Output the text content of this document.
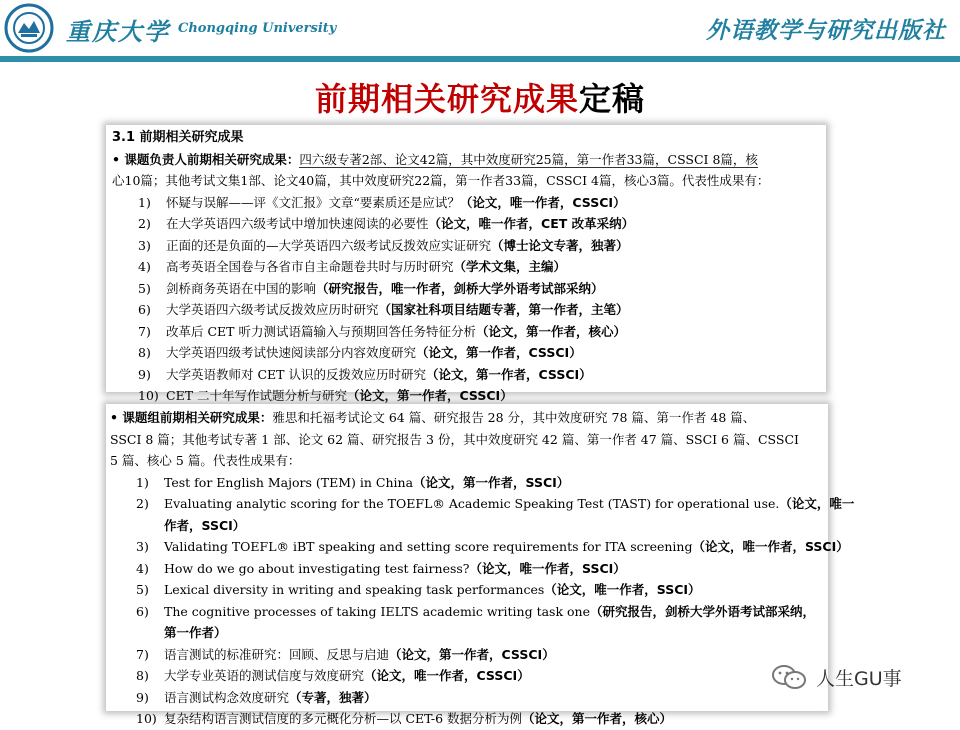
重庆大学 Chongqing University	外语教学与研究出版社
前期相关研究成果定稿
3.1 前期相关研究成果
• 课题负责人前期相关研究成果：四六级专著2部、论文42篇，其中效度研究25篇，第一作者33篇，CSSCI 8篇，核
心10篇；其他考试文集1部、论文40篇，其中效度研究22篇，第一作者33篇，CSSCI 4篇，核心3篇。代表性成果有：
1)	怀疑与误解——评《文汇报》文章“要素质还是应试？（论文，唯一作者，CSSCI）
2)	在大学英语四六级考试中增加快速阅读的必要性（论文，唯一作者，CET 改革采纳）
3)	正面的还是负面的—大学英语四六级考试反拨效应实证研究（博士论文专著，独著）
4)	高考英语全国卷与各省市自主命题卷共时与历时研究（学术文集，主编）
5)	剑桥商务英语在中国的影响（研究报告，唯一作者，剑桥大学外语考试部采纳）
6)	大学英语四六级考试反拨效应历时研究（国家社科项目结题专著，第一作者，主笔）
7)	改革后 CET 听力测试语篇输入与预期回答任务特征分析（论文，第一作者，核心）
8)	大学英语四级考试快速阅读部分内容效度研究（论文，第一作者，CSSCI）
9)	大学英语教师对 CET 认识的反拨效应历时研究（论文，第一作者，CSSCI）
10) CET 二十年写作试题分析与研究（论文，第一作者，CSSCI）
• 课题组前期相关研究成果：雅思和托福考试论文 64 篇、研究报告 28 分，其中效度研究 78 篇、第一作者 48 篇、
SSCI 8 篇；其他考试专著 1 部、论文 62 篇、研究报告 3 份，其中效度研究 42 篇、第一作者 47 篇、SSCI 6 篇、CSSCI
5 篇、核心 5 篇。代表性成果有：
1)	Test for English Majors (TEM) in China（论文，第一作者，SSCI）
2)	Evaluating analytic scoring for the TOEFL® Academic Speaking Test (TAST) for operational use.（论文，唯一
作者，SSCI）
3)	Validating TOEFL® iBT speaking and setting score requirements for ITA screening（论文，唯一作者，SSCI）
4)	How do we go about investigating test fairness?（论文，唯一作者，SSCI）
5)	Lexical diversity in writing and speaking task performances（论文，唯一作者，SSCI）
6)	The cognitive processes of taking IELTS academic writing task one（研究报告，剑桥大学外语考试部采纳，
第一作者）
7)	语言测试的标准研究：回顾、反思与启迪（论文，第一作者，CSSCI）
8)	大学专业英语的测试信度与效度研究（论文，唯一作者，CSSCI）
9)	语言测试构念效度研究（专著，独著）
10) 复杂结构语言测试信度的多元概化分析—以 CET-6 数据分析为例（论文，第一作者，核心）
人生GU事
